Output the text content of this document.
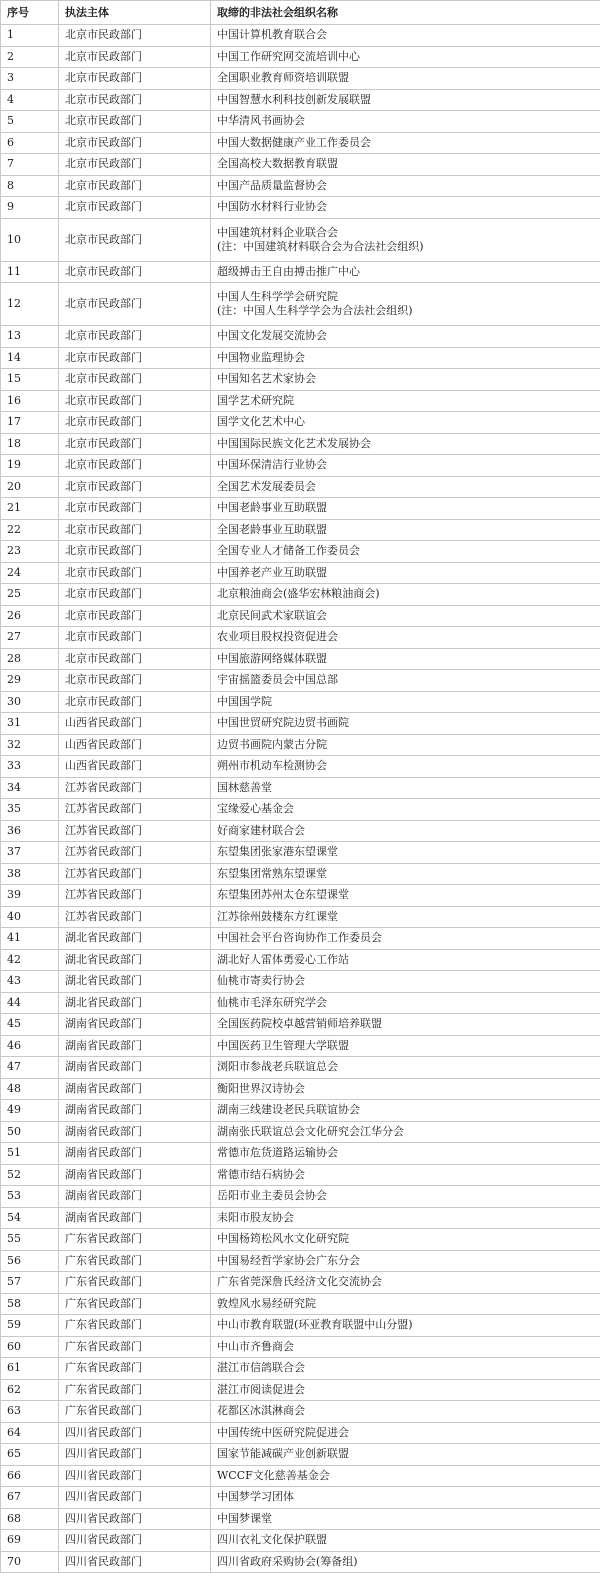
序号	执法主体	取缔的非法社会组织名称
1	北京市民政部门	中国计算机教育联合会

2	北京市民政部门	中国工作研究网交流培训中心

3	北京市民政部门	全国职业教育师资培训联盟

4	北京市民政部门	中国智慧水利科技创新发展联盟

5	北京市民政部门	中华清风书画协会

6	北京市民政部门	中国大数据健康产业工作委员会

7	北京市民政部门	全国高校大数据教育联盟

8	北京市民政部门	中国产品质量监督协会

9	北京市民政部门	中国防水材料行业协会

10	北京市民政部门	中国建筑材料企业联合会
(注：中国建筑材料联合会为合法社会组织)

11	北京市民政部门	超级搏击王自由搏击推广中心

12	北京市民政部门	中国人生科学学会研究院
(注：中国人生科学学会为合法社会组织)

13	北京市民政部门	中国文化发展交流协会

14	北京市民政部门	中国物业监理协会

15	北京市民政部门	中国知名艺术家协会

16	北京市民政部门	国学艺术研究院

17	北京市民政部门	国学文化艺术中心

18	北京市民政部门	中国国际民族文化艺术发展协会

19	北京市民政部门	中国环保清洁行业协会

20	北京市民政部门	全国艺术发展委员会

21	北京市民政部门	中国老龄事业互助联盟

22	北京市民政部门	全国老龄事业互助联盟

23	北京市民政部门	全国专业人才储备工作委员会

24	北京市民政部门	中国养老产业互助联盟

25	北京市民政部门	北京粮油商会(盛华宏林粮油商会)

26	北京市民政部门	北京民间武术家联谊会

27	北京市民政部门	农业项目股权投资促进会

28	北京市民政部门	中国旅游网络媒体联盟

29	北京市民政部门	宇宙摇篮委员会中国总部

30	北京市民政部门	中国国学院

31	山西省民政部门	中国世贸研究院边贸书画院

32	山西省民政部门	边贸书画院内蒙古分院

33	山西省民政部门	朔州市机动车检测协会

34	江苏省民政部门	国林慈善堂

35	江苏省民政部门	宝缘爱心基金会

36	江苏省民政部门	好商家建材联合会

37	江苏省民政部门	东望集团张家港东望课堂

38	江苏省民政部门	东望集团常熟东望课堂

39	江苏省民政部门	东望集团苏州太仓东望课堂

40	江苏省民政部门	江苏徐州鼓楼东方红课堂

41	湖北省民政部门	中国社会平台咨询协作工作委员会

42	湖北省民政部门	湖北好人雷体勇爱心工作站

43	湖北省民政部门	仙桃市寄卖行协会

44	湖北省民政部门	仙桃市毛泽东研究学会

45	湖南省民政部门	全国医药院校卓越营销师培养联盟

46	湖南省民政部门	中国医药卫生管理大学联盟

47	湖南省民政部门	浏阳市参战老兵联谊总会

48	湖南省民政部门	衡阳世界汉诗协会

49	湖南省民政部门	湖南三线建设老民兵联谊协会

50	湖南省民政部门	湖南张氏联谊总会文化研究会江华分会

51	湖南省民政部门	常德市危货道路运输协会

52	湖南省民政部门	常德市结石病协会

53	湖南省民政部门	岳阳市业主委员会协会

54	湖南省民政部门	耒阳市股友协会

55	广东省民政部门	中国杨筠松风水文化研究院

56	广东省民政部门	中国易经哲学家协会广东分会

57	广东省民政部门	广东省莞深詹氏经济文化交流协会

58	广东省民政部门	敦煌风水易经研究院

59	广东省民政部门	中山市教育联盟(环亚教育联盟中山分盟)

60	广东省民政部门	中山市齐鲁商会

61	广东省民政部门	湛江市信鸽联合会

62	广东省民政部门	湛江市阅读促进会

63	广东省民政部门	花都区冰淇淋商会

64	四川省民政部门	中国传统中医研究院促进会

65	四川省民政部门	国家节能减碳产业创新联盟

66	四川省民政部门	WCCF文化慈善基金会

67	四川省民政部门	中国梦学习团体

68	四川省民政部门	中国梦课堂

69	四川省民政部门	四川衣礼文化保护联盟

70	四川省民政部门	四川省政府采购协会(筹备组)
